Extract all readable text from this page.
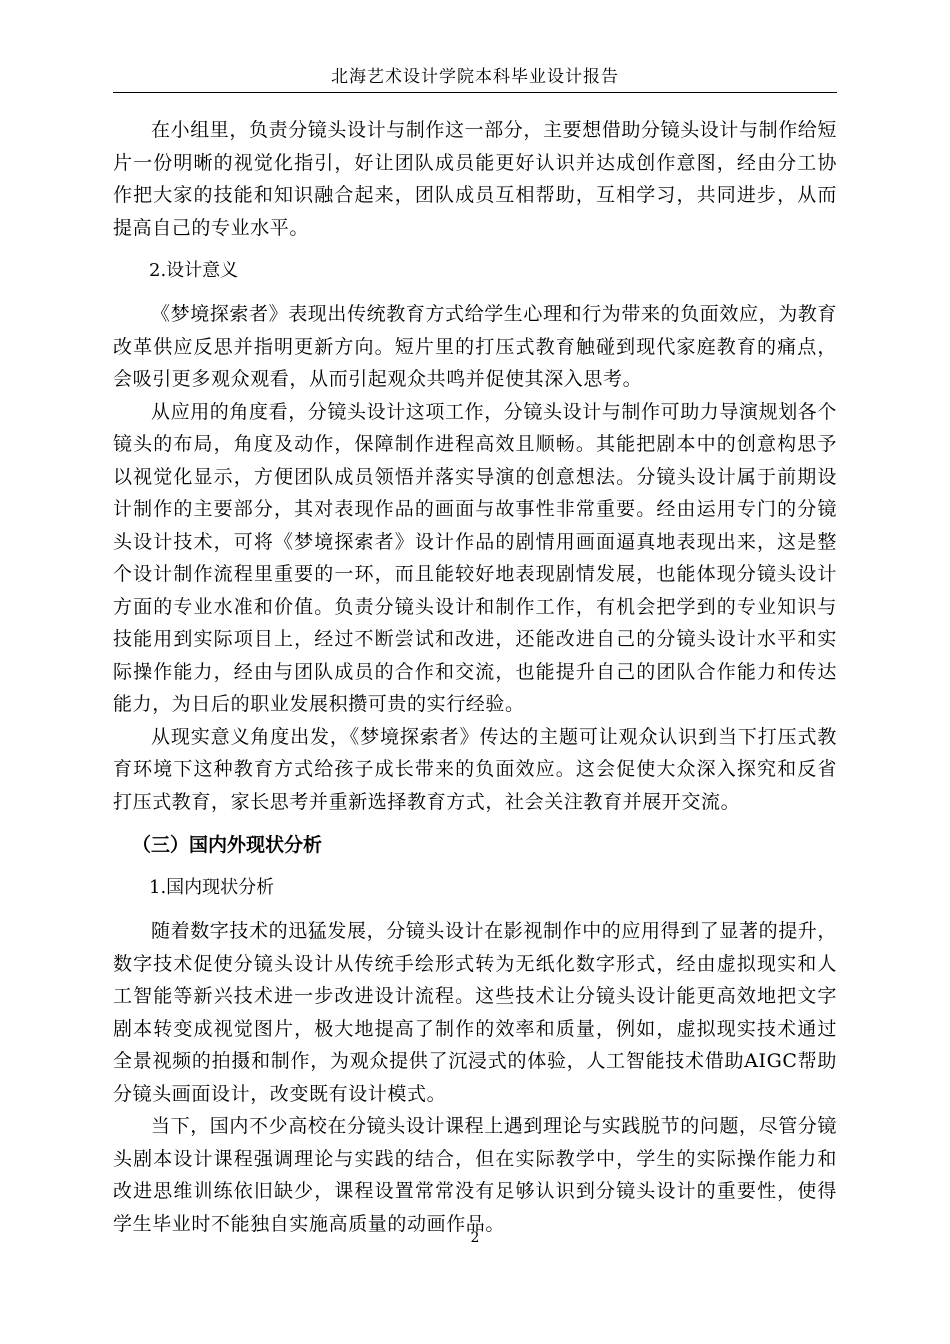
北海艺术设计学院本科毕业设计报告

在小组里，负责分镜头设计与制作这一部分，主要想借助分镜头设计与制作给短片一份明晰的视觉化指引，好让团队成员能更好认识并达成创作意图，经由分工协作把大家的技能和知识融合起来，团队成员互相帮助，互相学习，共同进步，从而提高自己的专业水平。

2.设计意义

《梦境探索者》表现出传统教育方式给学生心理和行为带来的负面效应，为教育改革供应反思并指明更新方向。短片里的打压式教育触碰到现代家庭教育的痛点，会吸引更多观众观看，从而引起观众共鸣并促使其深入思考。

从应用的角度看，分镜头设计这项工作，分镜头设计与制作可助力导演规划各个镜头的布局，角度及动作，保障制作进程高效且顺畅。其能把剧本中的创意构思予以视觉化显示，方便团队成员领悟并落实导演的创意想法。分镜头设计属于前期设计制作的主要部分，其对表现作品的画面与故事性非常重要。经由运用专门的分镜头设计技术，可将《梦境探索者》设计作品的剧情用画面逼真地表现出来，这是整个设计制作流程里重要的一环，而且能较好地表现剧情发展，也能体现分镜头设计方面的专业水准和价值。负责分镜头设计和制作工作，有机会把学到的专业知识与技能用到实际项目上，经过不断尝试和改进，还能改进自己的分镜头设计水平和实际操作能力，经由与团队成员的合作和交流，也能提升自己的团队合作能力和传达能力，为日后的职业发展积攒可贵的实行经验。

从现实意义角度出发，《梦境探索者》传达的主题可让观众认识到当下打压式教育环境下这种教育方式给孩子成长带来的负面效应。这会促使大众深入探究和反省打压式教育，家长思考并重新选择教育方式，社会关注教育并展开交流。

（三）国内外现状分析
1.国内现状分析

随着数字技术的迅猛发展，分镜头设计在影视制作中的应用得到了显著的提升，数字技术促使分镜头设计从传统手绘形式转为无纸化数字形式，经由虚拟现实和人工智能等新兴技术进一步改进设计流程。这些技术让分镜头设计能更高效地把文字剧本转变成视觉图片，极大地提高了制作的效率和质量，例如，虚拟现实技术通过全景视频的拍摄和制作，为观众提供了沉浸式的体验，人工智能技术借助AIGC帮助分镜头画面设计，改变既有设计模式。

当下，国内不少高校在分镜头设计课程上遇到理论与实践脱节的问题，尽管分镜头剧本设计课程强调理论与实践的结合，但在实际教学中，学生的实际操作能力和改进思维训练依旧缺少，课程设置常常没有足够认识到分镜头设计的重要性，使得学生毕业时不能独自实施高质量的动画作品。

2
